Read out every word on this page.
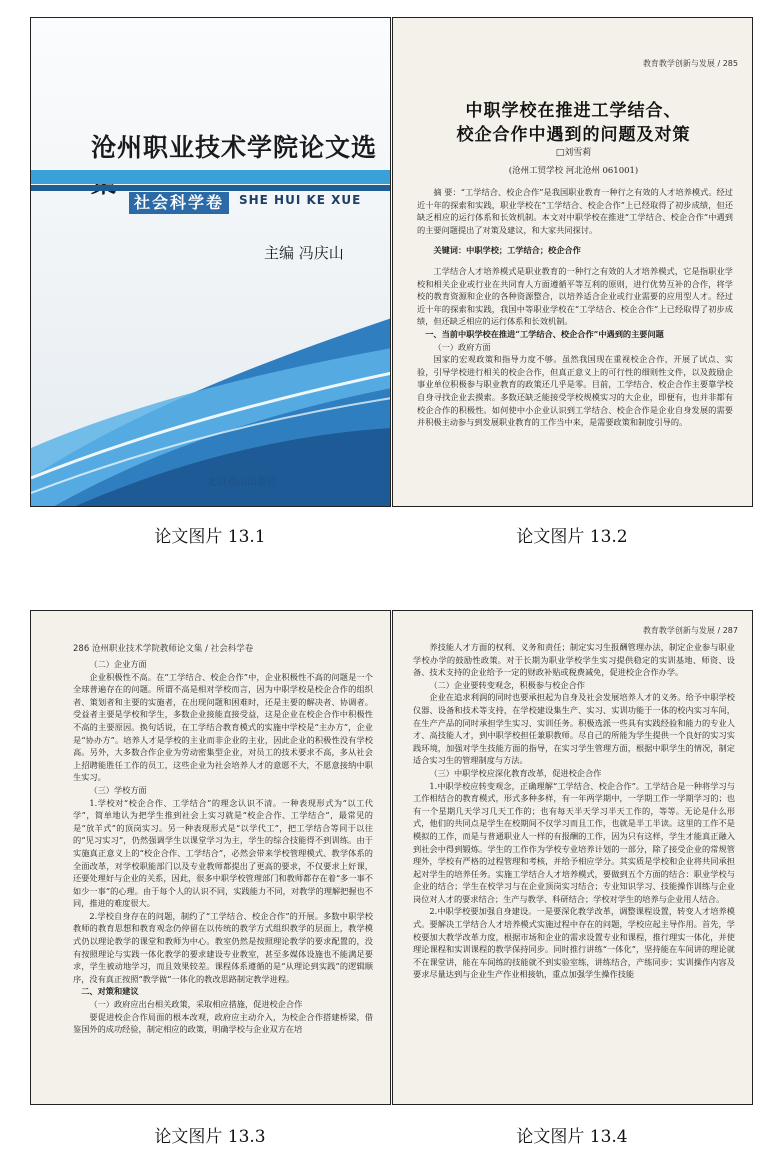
沧州职业技术学院论文选
社会科学卷	SHE HUI KE XUE
主编 冯庆山
北京燕山出版社
论文图片 13.1
教育教学创新与发展 / 285
中职学校在推进工学结合、
校企合作中遇到的问题及对策
□刘雪莉
(沧州工贸学校 河北沧州 061001)

摘 要：“工学结合、校企合作”是我国职业教育一种行之有效的人才培养模式。经过近十年的探索和实践，职业学校在“工学结合、校企合作”上已经取得了初步成绩，但还缺乏相应的运行体系和长效机制。本文对中职学校在推进“工学结合、校企合作”中遇到的主要问题提出了对策及建议，和大家共同探讨。

关键词：中职学校；工学结合；校企合作

工学结合人才培养模式是职业教育的一种行之有效的人才培养模式，它是指职业学校和相关企业或行业在共同育人方面遵循平等互利的原则，进行优势互补的合作，将学校的教育资源和企业的各种资源整合，以培养适合企业或行业需要的应用型人才。经过近十年的探索和实践，我国中等职业学校在“工学结合、校企合作”上已经取得了初步成绩，但还缺乏相应的运行体系和长效机制。

一、当前中职学校在推进“工学结合、校企合作”中遇到的主要问题

（一）政府方面

国家的宏观政策和指导力度不够。虽然我国现在重视校企合作，开展了试点、实验，引导学校进行相关的校企合作，但真正意义上的可行性的细则性文件，以及鼓励企事业单位积极参与职业教育的政策还几乎是零。目前，工学结合、校企合作主要靠学校自身寻找企业去摸索。多数还缺乏能接受学校规模实习的大企业，即便有，也并非都有校企合作的积极性。如何使中小企业认识到工学结合、校企合作是企业自身发展的需要并积极主动参与到发展职业教育的工作当中来，是需要政策和制度引导的。

论文图片 13.2
286 沧州职业技术学院教师论文集 / 社会科学卷

（二）企业方面

企业积极性不高。在“工学结合、校企合作”中，企业积极性不高的问题是一个全球普遍存在的问题。所谓不高是相对学校而言，因为中职学校是校企合作的组织者、策划者和主要的实施者，在出现问题和困难时，还是主要的解决者、协调者。受益者主要是学校和学生，多数企业接能直接受益，这是企业在校企合作中积极性不高的主要原因。换句话说，在工学结合教育模式的实施中学校是“主办方”，企业是“协办方”。培养人才是学校的主业而非企业的主业，因此企业的积极性没有学校高。另外，大多数合作企业为劳动密集型企业，对员工的技术要求不高，多从社会上招聘能胜任工作的员工，这些企业为社会培养人才的意愿不大，不愿意接纳中职生实习。

（三）学校方面

1.学校对“校企合作、工学结合”的理念认识不清。一种表现形式为“以工代学”，简单地认为把学生推到社会上实习就是“校企合作、工学结合”，最常见的是“放羊式”的顶岗实习。另一种表现形式是“以学代工”，把工学结合等同于以往的“见习实习”，仍然强调学生以课堂学习为主，学生的综合技能得不到训练。由于实施真正意义上的“校企合作、工学结合”，必然会带来学校管理模式、教学体系的全面改革，对学校职能部门以及专业教师都提出了更高的要求，不仅要求上好课，还要处理好与企业的关系，因此，很多中职学校管理部门和教师都存在着“多一事不如少一事”的心理。由于每个人的认识不同，实践能力不同，对教学的理解把握也不同，推进的难度很大。

2.学校自身存在的问题，制约了“工学结合、校企合作”的开展。多数中职学校教师的教育思想和教育观念仍停留在以传统的教学方式组织教学的层面上，教学模式仍以理论教学的课堂和教师为中心。教室仍然是按照理论教学的要求配置的，没有按照理论与实践一体化教学的要求建设专业教室，甚至多媒体设施也不能满足要求，学生被动地学习，而且效果较差。课程体系遵循的是“从理论到实践”的逻辑顺序，没有真正按照“教学做”一体化的教改思路制定教学进程。

二、对策和建议

（一）政府应出台相关政策，采取相应措施，促进校企合作

要促进校企合作局面的根本改观，政府应主动介入，为校企合作搭建桥梁，借鉴国外的成功经验，制定相应的政策，明确学校与企业双方在培

论文图片 13.3
教育教学创新与发展 / 287

养技能人才方面的权利、义务和责任；制定实习生报酬管理办法，制定企业参与职业学校办学的鼓励性政策。对于长期为职业学校学生实习提供稳定的实训基地、师资、设备、技术支持的企业给予一定的财政补贴或税费减免，促进校企合作办学。

（二）企业要转变观念，积极参与校企合作

企业在追求利润的同时也要承担起为自身及社会发展培养人才的义务。给予中职学校仪器、设备和技术等支持，在学校建设集生产、实习、实训功能于一体的校内实习车间，在生产产品的同时承担学生实习、实训任务。积极选派一些具有实践经验和能力的专业人才、高技能人才，到中职学校担任兼职教师。尽自己的所能为学生提供一个良好的实习实践环境，加强对学生技能方面的指导，在实习学生管理方面，根据中职学生的情况，制定适合实习生的管理制度与方法。

（三）中职学校应深化教育改革，促进校企合作

1.中职学校应转变观念，正确理解“工学结合、校企合作”。工学结合是一种将学习与工作相结合的教育模式，形式多种多样，有一年两学期中，一学期工作一学期学习的；也有一个星期几天学习几天工作的；也有每天半天学习半天工作的，等等。无论是什么形式，他们的共同点是学生在校期间不仅学习而且工作，也就是半工半读。这里的工作不是模拟的工作，而是与普通职业人一样的有报酬的工作，因为只有这样，学生才能真正融入到社会中得到锻炼。学生的工作作为学校专业培养计划的一部分，除了接受企业的常规管理外，学校有严格的过程管理和考核，并给予相应学分。其实质是学校和企业将共同承担起对学生的培养任务。实施工学结合人才培养模式，要做到五个方面的结合：职业学校与企业的结合；学生在校学习与在企业顶岗实习结合；专业知识学习、技能操作训练与企业岗位对人才的要求结合；生产与教学、科研结合；学校对学生的培养与企业用人结合。

2.中职学校要加强自身建设。一是要深化教学改革，调整课程设置，转变人才培养模式。要解决工学结合人才培养模式实施过程中存在的问题，学校应起主导作用。首先，学校要加大教学改革力度，根据市场和企业的需求设置专业和课程，推行理实一体化，并使理论课程和实训课程的教学保持同步。同时推行讲练“一体化”，坚持能在车间讲的理论就不在课堂讲，能在车间练的技能就不到实验室练，讲练结合，产练同步；实训操作内容及要求尽量达到与企业生产作业相接轨，重点加强学生操作技能

论文图片 13.4
